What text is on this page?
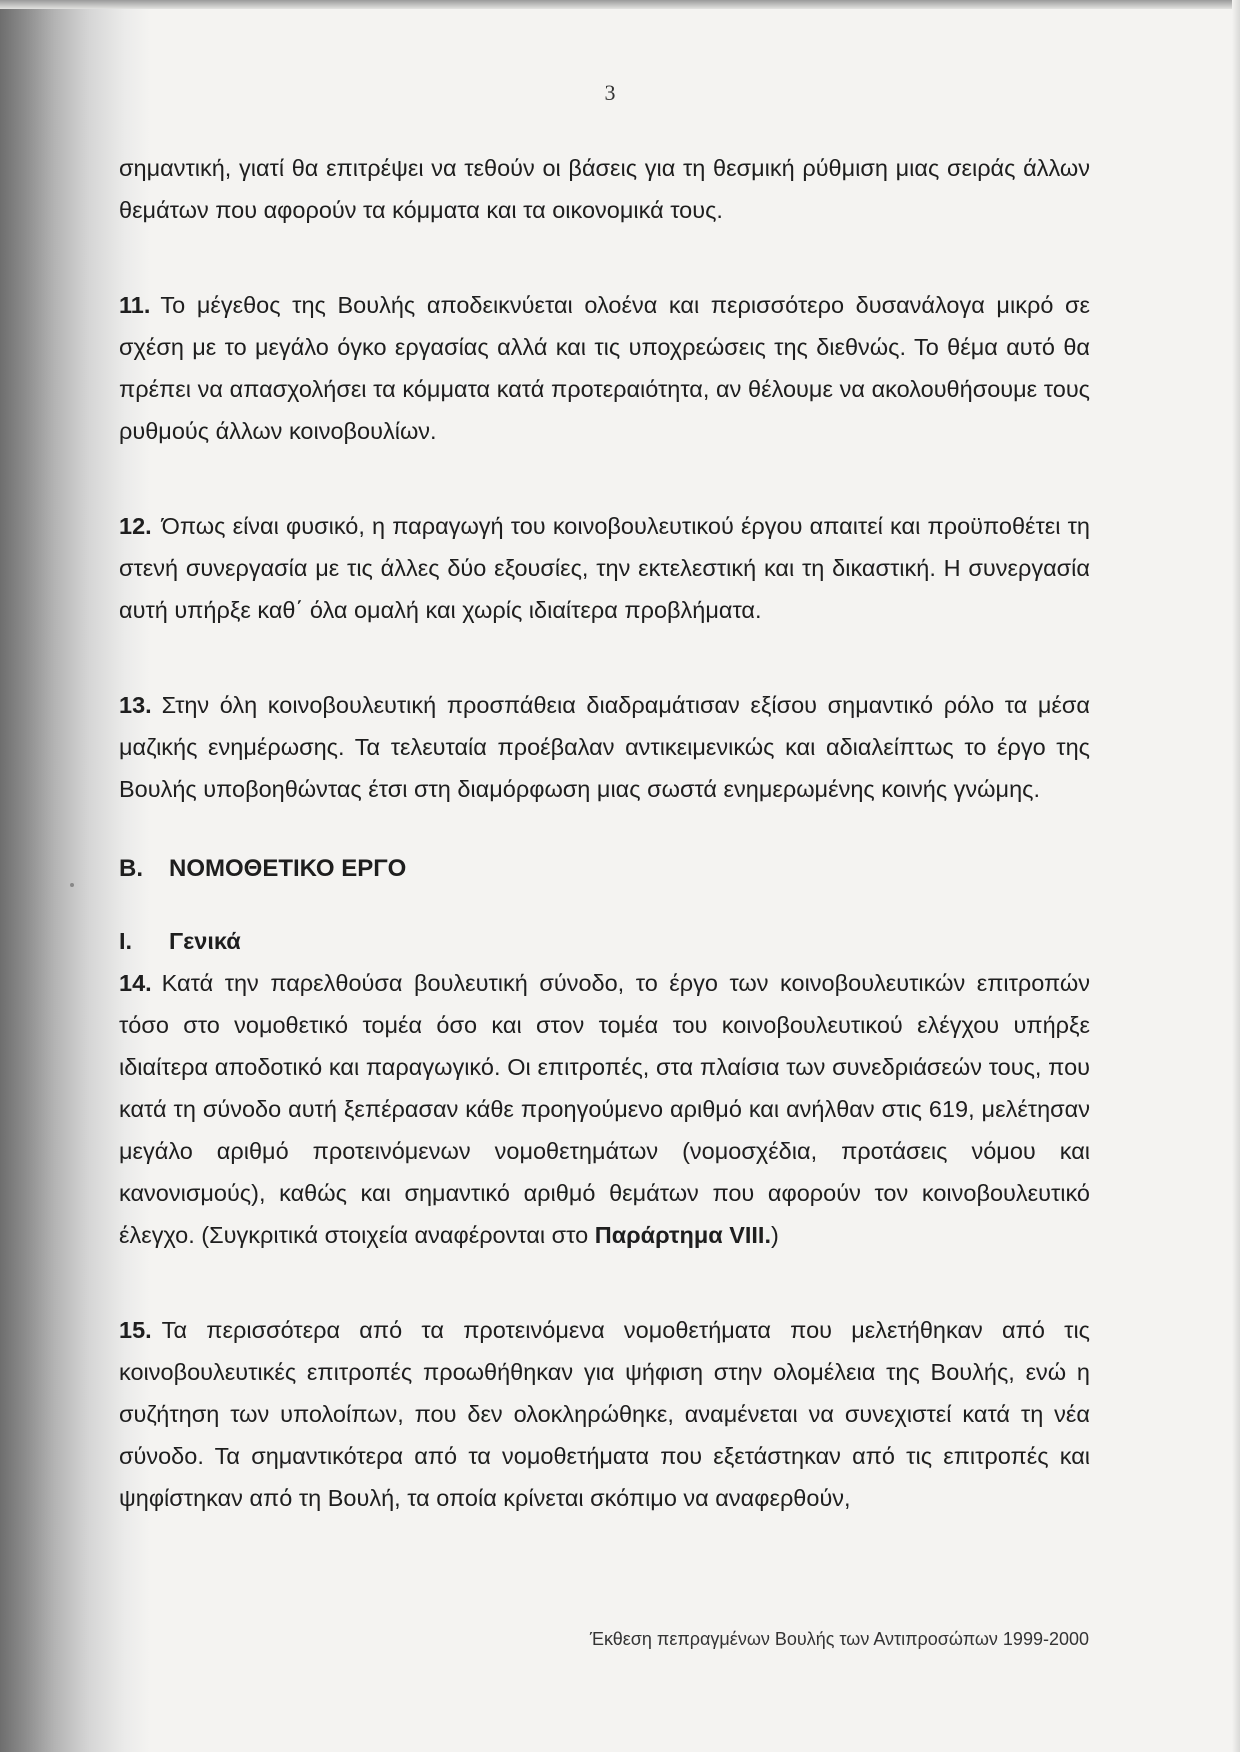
3

σημαντική, γιατί θα επιτρέψει να τεθούν οι βάσεις για τη θεσμική ρύθμιση μιας σειράς άλλων θεμάτων που αφορούν τα κόμματα και τα οικονομικά τους.

11. Το μέγεθος της Βουλής αποδεικνύεται ολοένα και περισσότερο δυσανάλογα μικρό σε σχέση με το μεγάλο όγκο εργασίας αλλά και τις υποχρεώσεις της διεθνώς. Το θέμα αυτό θα πρέπει να απασχολήσει τα κόμματα κατά προτεραιότητα, αν θέλουμε να ακολουθήσουμε τους ρυθμούς άλλων κοινοβουλίων.

12. Όπως είναι φυσικό, η παραγωγή του κοινοβουλευτικού έργου απαιτεί και προϋποθέτει τη στενή συνεργασία με τις άλλες δύο εξουσίες, την εκτελεστική και τη δικαστική. Η συνεργασία αυτή υπήρξε καθ΄ όλα ομαλή και χωρίς ιδιαίτερα προβλήματα.

13. Στην όλη κοινοβουλευτική προσπάθεια διαδραμάτισαν εξίσου σημαντικό ρόλο τα μέσα μαζικής ενημέρωσης. Τα τελευταία προέβαλαν αντικειμενικώς και αδιαλείπτως το έργο της Βουλής υποβοηθώντας έτσι στη διαμόρφωση μιας σωστά ενημερωμένης κοινής γνώμης.

Β. ΝΟΜΟΘΕΤΙΚΟ ΕΡΓΟ

Ι. Γενικά

14. Κατά την παρελθούσα βουλευτική σύνοδο, το έργο των κοινοβουλευτικών επιτροπών τόσο στο νομοθετικό τομέα όσο και στον τομέα του κοινοβουλευτικού ελέγχου υπήρξε ιδιαίτερα αποδοτικό και παραγωγικό. Οι επιτροπές, στα πλαίσια των συνεδριάσεών τους, που κατά τη σύνοδο αυτή ξεπέρασαν κάθε προηγούμενο αριθμό και ανήλθαν στις 619, μελέτησαν μεγάλο αριθμό προτεινόμενων νομοθετημάτων (νομοσχέδια, προτάσεις νόμου και κανονισμούς), καθώς και σημαντικό αριθμό θεμάτων που αφορούν τον κοινοβουλευτικό έλεγχο. (Συγκριτικά στοιχεία αναφέρονται στο Παράρτημα VIII.)

15. Τα περισσότερα από τα προτεινόμενα νομοθετήματα που μελετήθηκαν από τις κοινοβουλευτικές επιτροπές προωθήθηκαν για ψήφιση στην ολομέλεια της Βουλής, ενώ η συζήτηση των υπολοίπων, που δεν ολοκληρώθηκε, αναμένεται να συνεχιστεί κατά τη νέα σύνοδο. Τα σημαντικότερα από τα νομοθετήματα που εξετάστηκαν από τις επιτροπές και ψηφίστηκαν από τη Βουλή, τα οποία κρίνεται σκόπιμο να αναφερθούν,

Έκθεση πεπραγμένων Βουλής των Αντιπροσώπων 1999-2000
